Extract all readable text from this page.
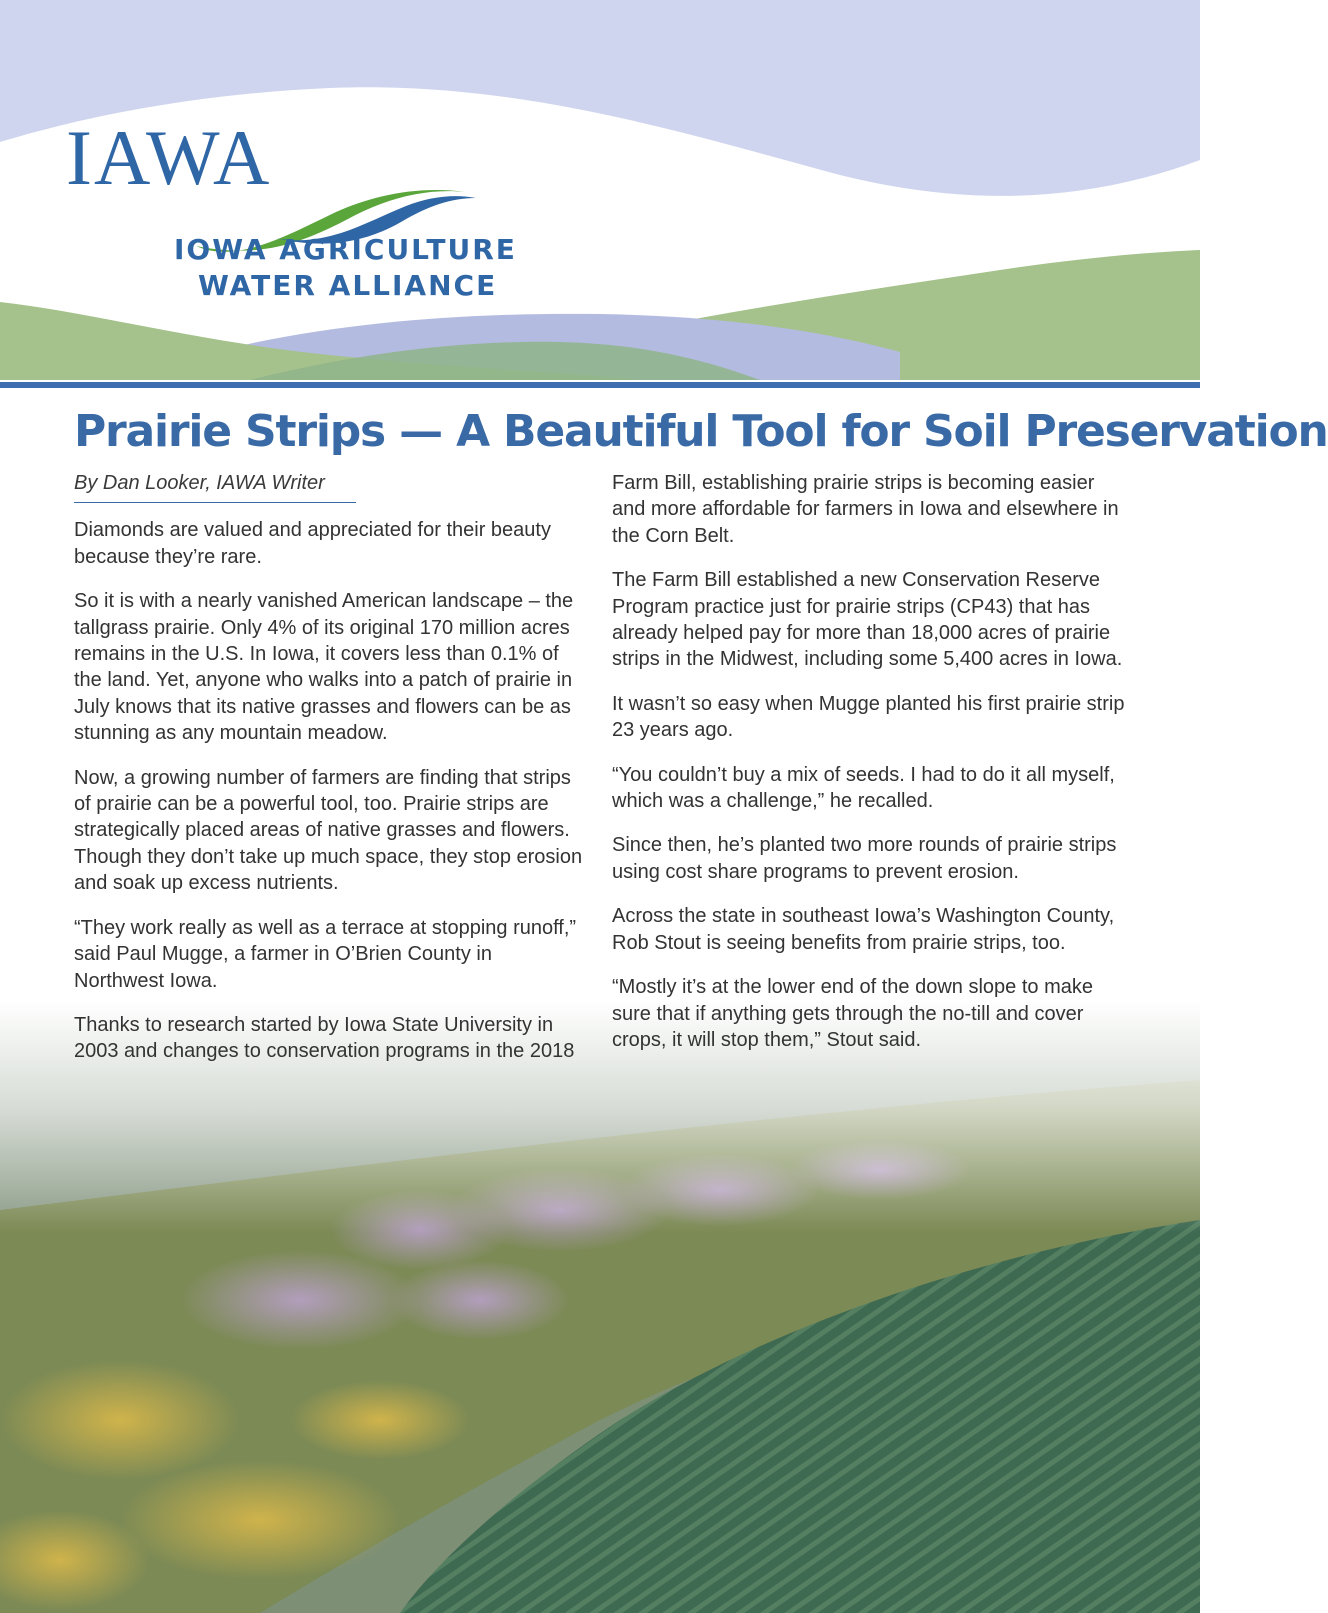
IAWA
IOWA AGRICULTURE
WATER ALLIANCE
Prairie Strips — A Beautiful Tool for Soil Preservation
By Dan Looker, IAWA Writer

Diamonds are valued and appreciated for their beauty because they’re rare.

So it is with a nearly vanished American landscape – the tallgrass prairie. Only 4% of its original 170 million acres remains in the U.S. In Iowa, it covers less than 0.1% of the land. Yet, anyone who walks into a patch of prairie in July knows that its native grasses and flowers can be as stunning as any mountain meadow.

Now, a growing number of farmers are finding that strips of prairie can be a powerful tool, too. Prairie strips are strategically placed areas of native grasses and flowers. Though they don’t take up much space, they stop erosion and soak up excess nutrients.

“They work really as well as a terrace at stopping runoff,” said Paul Mugge, a farmer in O’Brien County in Northwest Iowa.

Thanks to research started by Iowa State University in 2003 and changes to conservation programs in the 2018

Farm Bill, establishing prairie strips is becoming easier and more affordable for farmers in Iowa and elsewhere in the Corn Belt.

The Farm Bill established a new Conservation Reserve Program practice just for prairie strips (CP43) that has already helped pay for more than 18,000 acres of prairie strips in the Midwest, including some 5,400 acres in Iowa.

It wasn’t so easy when Mugge planted his first prairie strip 23 years ago.

“You couldn’t buy a mix of seeds. I had to do it all myself, which was a challenge,” he recalled.

Since then, he’s planted two more rounds of prairie strips using cost share programs to prevent erosion.

Across the state in southeast Iowa’s Washington County, Rob Stout is seeing benefits from prairie strips, too.

“Mostly it’s at the lower end of the down slope to make sure that if anything gets through the no-till and cover crops, it will stop them,” Stout said.
